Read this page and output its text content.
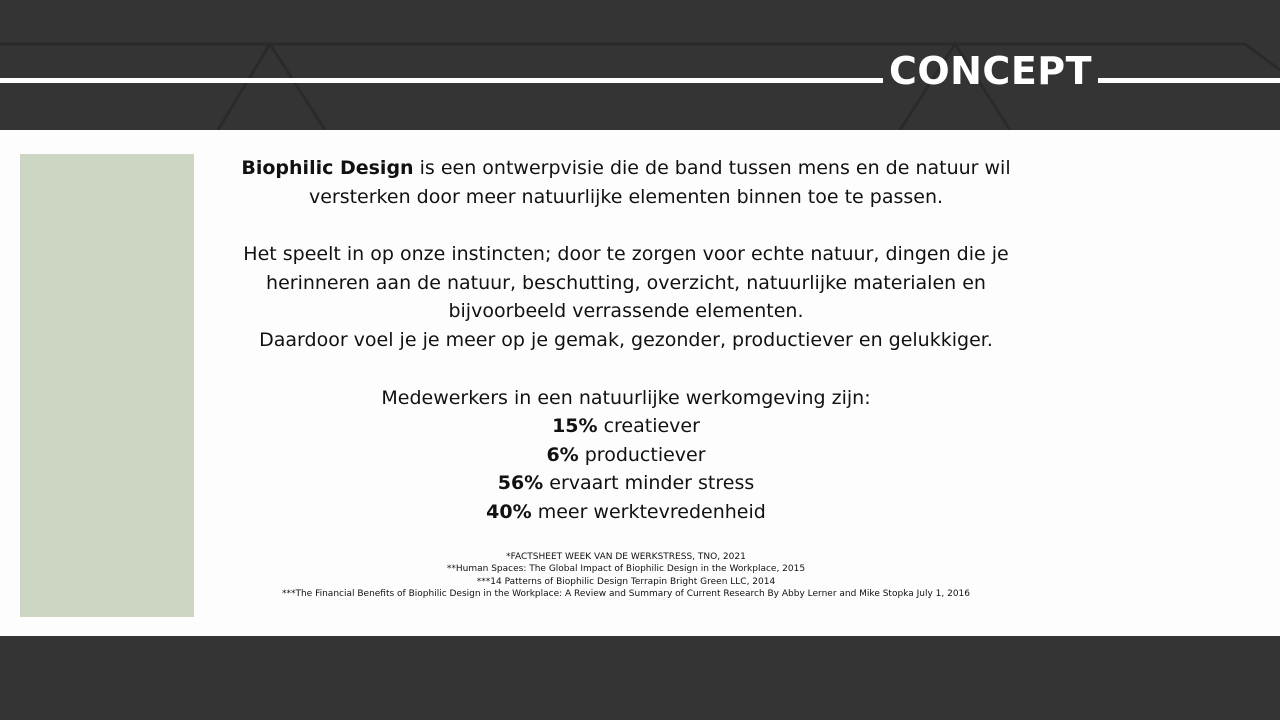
CONCEPT

Biophilic Design is een ontwerpvisie die de band tussen mens en de natuur wil

versterken door meer natuurlijke elementen binnen toe te passen.

Het speelt in op onze instincten; door te zorgen voor echte natuur, dingen die je

herinneren aan de natuur, beschutting, overzicht, natuurlijke materialen en

bijvoorbeeld verrassende elementen.

Daardoor voel je je meer op je gemak, gezonder, productiever en gelukkiger.

Medewerkers in een natuurlijke werkomgeving zijn:

15% creatiever

6% productiever

56% ervaart minder stress

40% meer werktevredenheid

*FACTSHEET WEEK VAN DE WERKSTRESS, TNO, 2021
**Human Spaces: The Global Impact of Biophilic Design in the Workplace, 2015
***14 Patterns of Biophilic Design Terrapin Bright Green LLC, 2014
***The Financial Benefits of Biophilic Design in the Workplace: A Review and Summary of Current Research By Abby Lerner and Mike Stopka July 1, 2016
